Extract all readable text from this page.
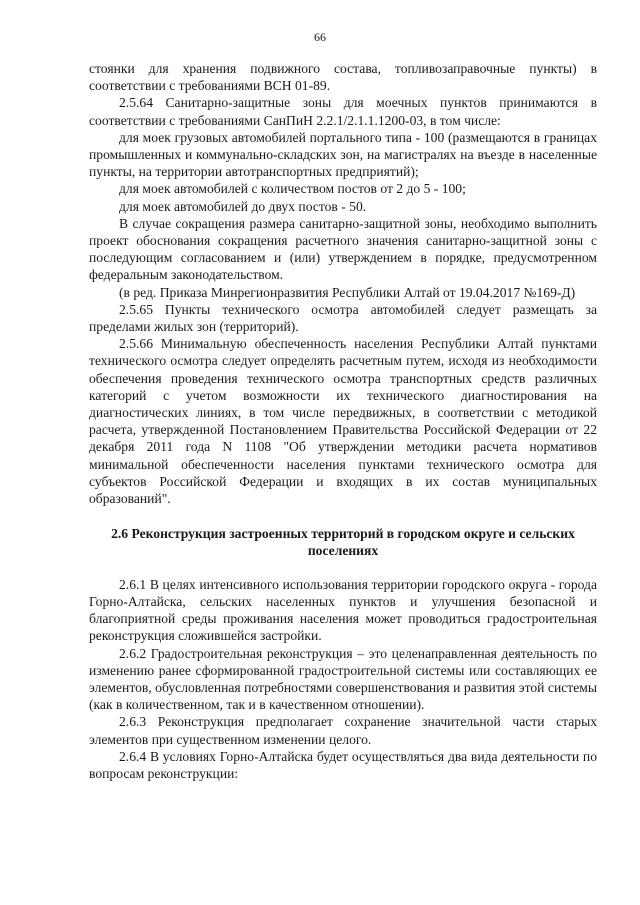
66

стоянки для хранения подвижного состава, топливозаправочные пункты) в соответствии с требованиями ВСН 01-89.

2.5.64 Санитарно-защитные зоны для моечных пунктов принимаются в соответствии с требованиями СанПиН 2.2.1/2.1.1.1200-03, в том числе:

для моек грузовых автомобилей портального типа - 100 (размещаются в границах промышленных и коммунально-складских зон, на магистралях на въезде в населенные пункты, на территории автотранспортных предприятий);

для моек автомобилей с количеством постов от 2 до 5 - 100;

для моек автомобилей до двух постов - 50.

В случае сокращения размера санитарно-защитной зоны, необходимо выполнить проект обоснования сокращения расчетного значения санитарно-защитной зоны с последующим согласованием и (или) утверждением в порядке, предусмотренном федеральным законодательством.

(в ред. Приказа Минрегионразвития Республики Алтай от 19.04.2017 №169-Д)

2.5.65 Пункты технического осмотра автомобилей следует размещать за пределами жилых зон (территорий).

2.5.66 Минимальную обеспеченность населения Республики Алтай пунктами технического осмотра следует определять расчетным путем, исходя из необходимости обеспечения проведения технического осмотра транспортных средств различных категорий с учетом возможности их технического диагностирования на диагностических линиях, в том числе передвижных, в соответствии с методикой расчета, утвержденной Постановлением Правительства Российской Федерации от 22 декабря 2011 года N 1108 "Об утверждении методики расчета нормативов минимальной обеспеченности населения пунктами технического осмотра для субъектов Российской Федерации и входящих в их состав муниципальных образований".

2.6 Реконструкция застроенных территорий в городском округе и сельских поселениях

2.6.1 В целях интенсивного использования территории городского округа - города Горно-Алтайска, сельских населенных пунктов и улучшения безопасной и благоприятной среды проживания населения может проводиться градостроительная реконструкция сложившейся застройки.

2.6.2 Градостроительная реконструкция – это целенаправленная деятельность по изменению ранее сформированной градостроительной системы или составляющих ее элементов, обусловленная потребностями совершенствования и развития этой системы (как в количественном, так и в качественном отношении).

2.6.3 Реконструкция предполагает сохранение значительной части старых элементов при существенном изменении целого.

2.6.4 В условиях Горно-Алтайска будет осуществляться два вида деятельности по вопросам реконструкции:
